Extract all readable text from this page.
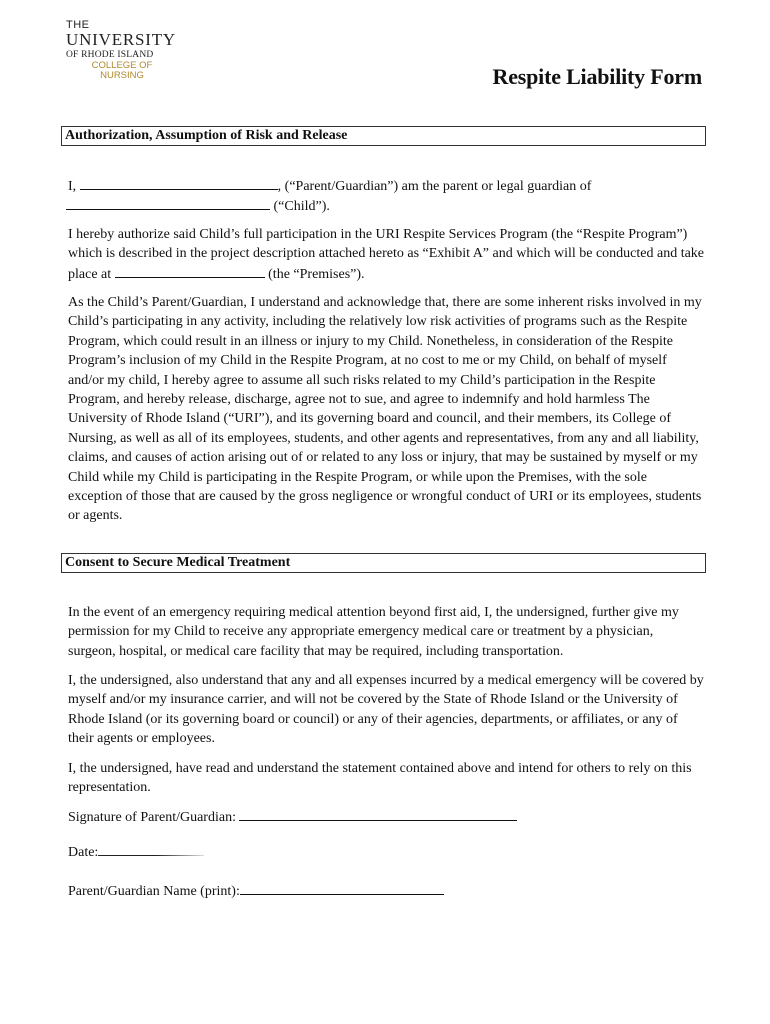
THE
UNIVERSITY
OF RHODE ISLAND
COLLEGE OF
NURSING	Respite Liability Form
Authorization, Assumption of Risk and Release

I,	, (“Parent/Guardian”) am the parent or legal guardian of
(“Child”).

I hereby authorize said Child’s full participation in the URI Respite Services Program (the “Respite Program”) which is described in the project description attached hereto as “Exhibit A” and which will be conducted and take place at	(the “Premises”).

As the Child’s Parent/Guardian, I understand and acknowledge that, there are some inherent risks involved in my Child’s participating in any activity, including the relatively low risk activities of programs such as the Respite Program, which could result in an illness or injury to my Child. Nonetheless, in consideration of the Respite Program’s inclusion of my Child in the Respite Program, at no cost to me or my Child, on behalf of myself and/or my child, I hereby agree to assume all such risks related to my Child’s participation in the Respite Program, and hereby release, discharge, agree not to sue, and agree to indemnify and hold harmless The University of Rhode Island (“URI”), and its governing board and council, and their members, its College of Nursing, as well as all of its employees, students, and other agents and representatives, from any and all liability, claims, and causes of action arising out of or related to any loss or injury, that may be sustained by myself or my Child while my Child is participating in the Respite Program, or while upon the Premises, with the sole exception of those that are caused by the gross negligence or wrongful conduct of URI or its employees, students or agents.

Consent to Secure Medical Treatment

In the event of an emergency requiring medical attention beyond first aid, I, the undersigned, further give my permission for my Child to receive any appropriate emergency medical care or treatment by a physician, surgeon, hospital, or medical care facility that may be required, including transportation.

I, the undersigned, also understand that any and all expenses incurred by a medical emergency will be covered by myself and/or my insurance carrier, and will not be covered by the State of Rhode Island or the University of Rhode Island (or its governing board or council) or any of their agencies, departments, or affiliates, or any of their agents or employees.

I, the undersigned, have read and understand the statement contained above and intend for others to rely on this representation.

Signature of Parent/Guardian:
Date:
Parent/Guardian Name (print):
